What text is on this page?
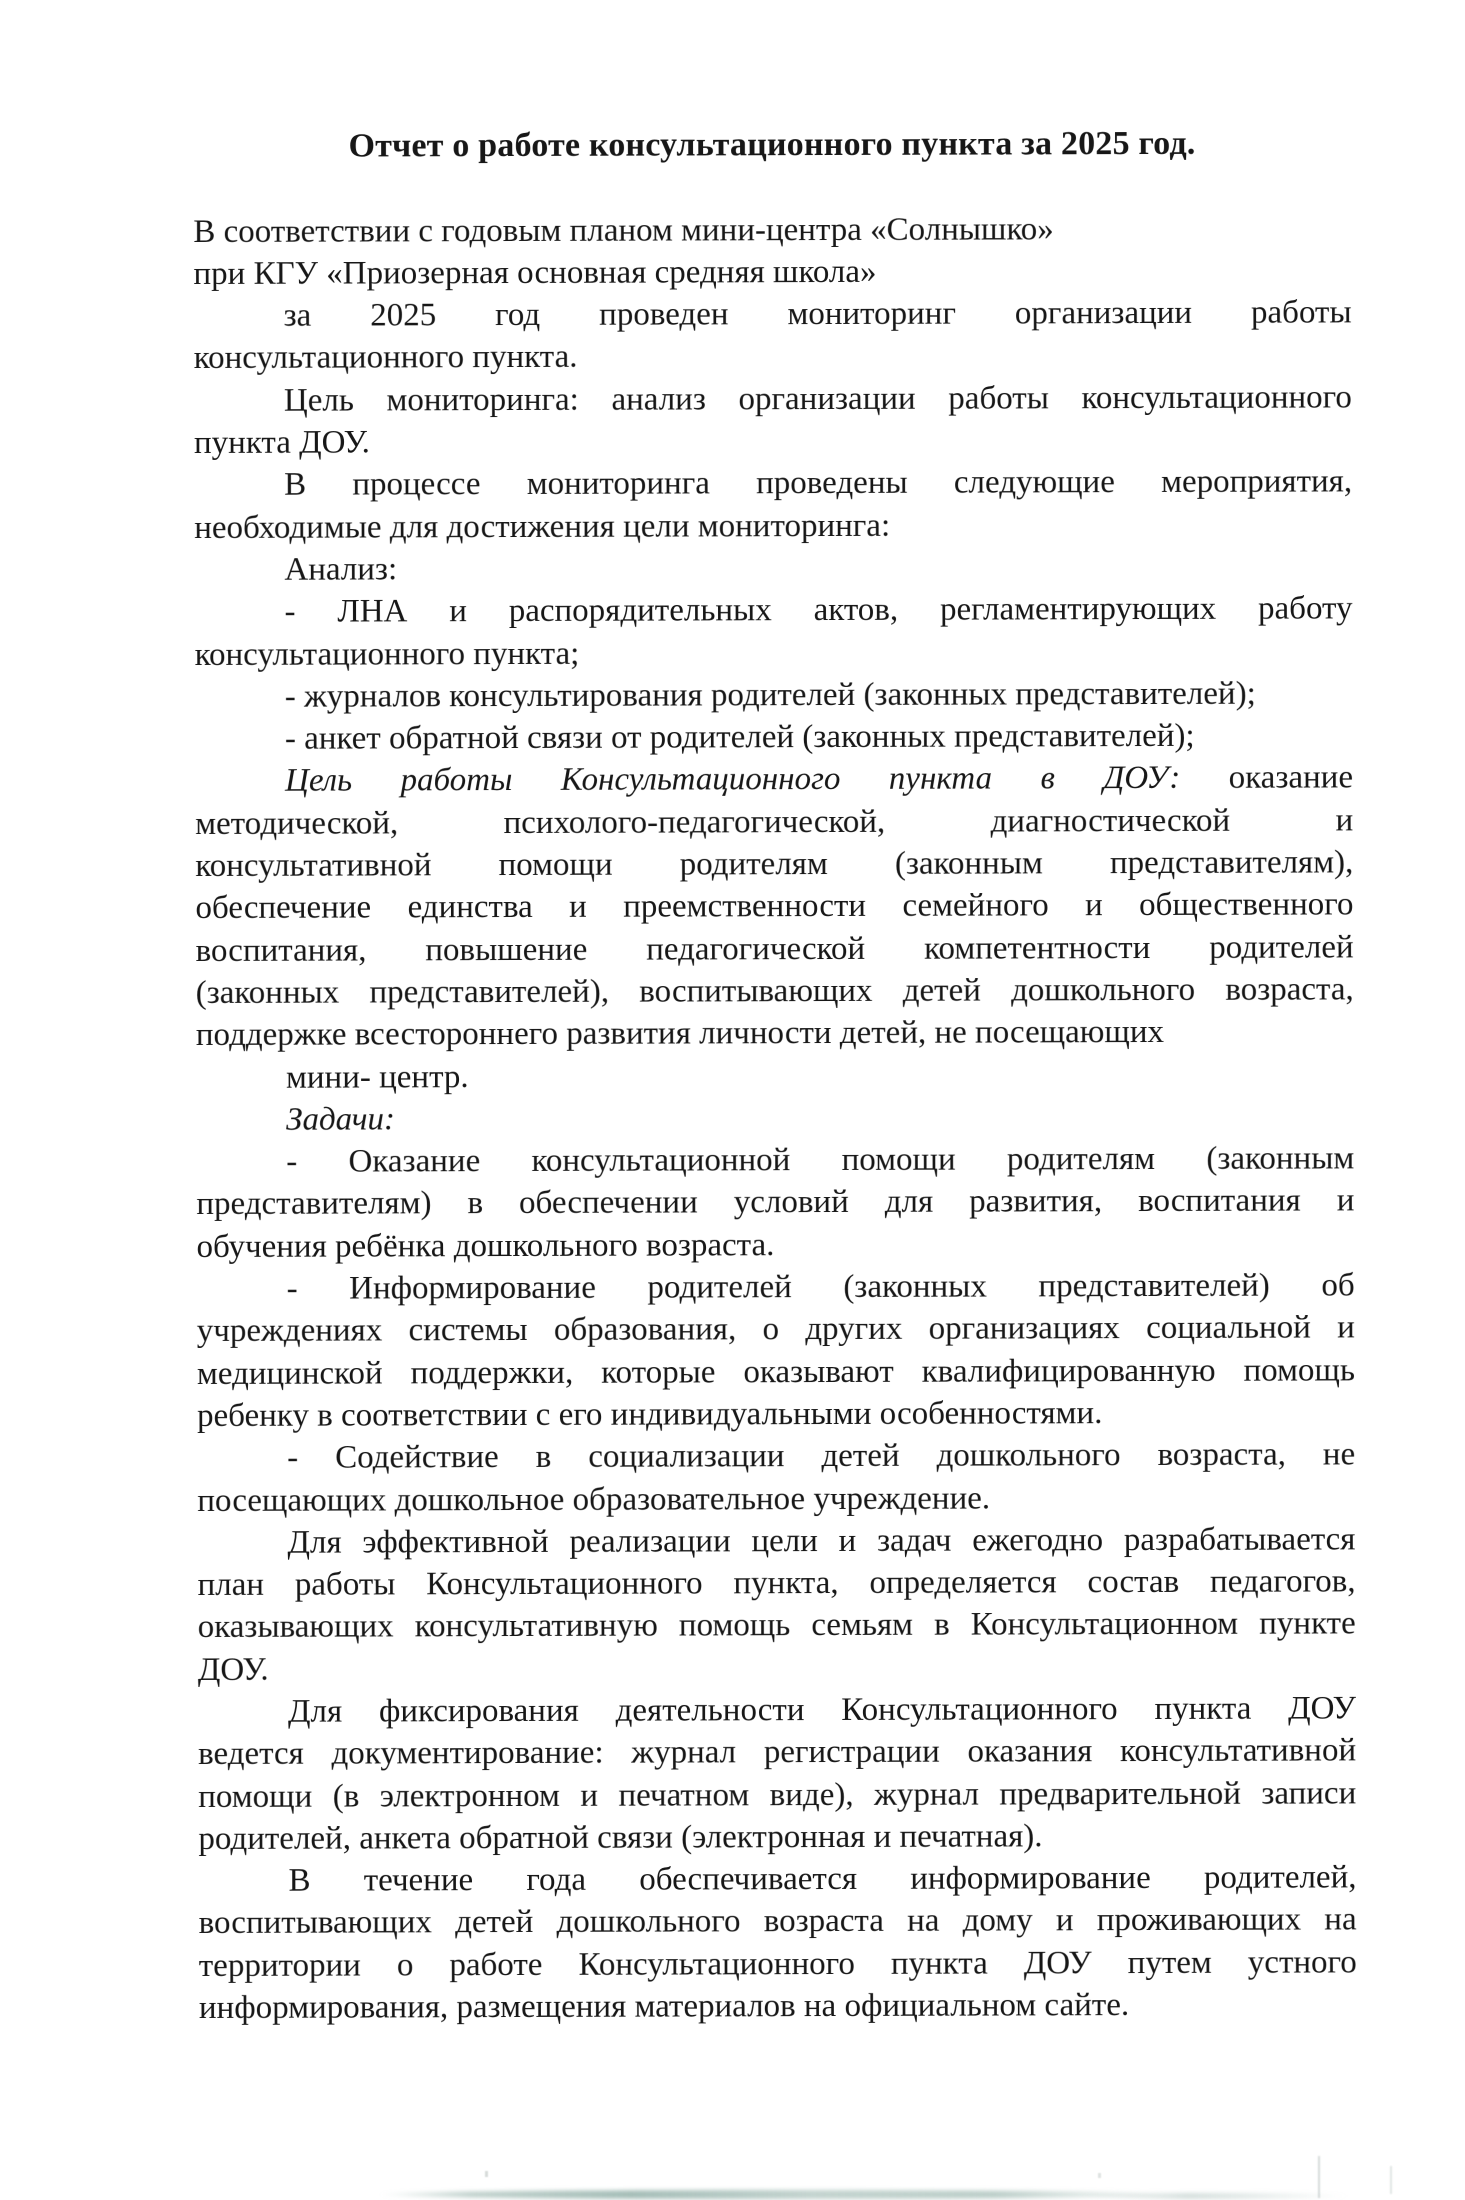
Отчет о работе консультационного пункта за 2025 год.
В соответствии с годовым планом мини-центра «Солнышко»
при КГУ «Приозерная основная средняя школа»
за 2025 год проведен мониторинг организации работы
консультационного пункта.
Цель мониторинга: анализ организации работы консультационного
пункта ДОУ.
В процессе мониторинга проведены следующие мероприятия,
необходимые для достижения цели мониторинга:
Анализ:
- ЛНА и распорядительных актов, регламентирующих работу
консультационного пункта;
- журналов консультирования родителей (законных представителей);
- анкет обратной связи от родителей (законных представителей);
Цель работы Консультационного пункта в ДОУ: оказание
методической, психолого-педагогической, диагностической и
консультативной помощи родителям (законным представителям),
обеспечение единства и преемственности семейного и общественного
воспитания, повышение педагогической компетентности родителей
(законных представителей), воспитывающих детей дошкольного возраста,
поддержке всестороннего развития личности детей, не посещающих
мини- центр.
Задачи:
- Оказание консультационной помощи родителям (законным
представителям) в обеспечении условий для развития, воспитания и
обучения ребёнка дошкольного возраста.
- Информирование родителей (законных представителей) об
учреждениях системы образования, о других организациях социальной и
медицинской поддержки, которые оказывают квалифицированную помощь
ребенку в соответствии с его индивидуальными особенностями.
- Содействие в социализации детей дошкольного возраста, не
посещающих дошкольное образовательное учреждение.
Для эффективной реализации цели и задач ежегодно разрабатывается
план работы Консультационного пункта, определяется состав педагогов,
оказывающих консультативную помощь семьям в Консультационном пункте
ДОУ.
Для фиксирования деятельности Консультационного пункта ДОУ
ведется документирование: журнал регистрации оказания консультативной
помощи (в электронном и печатном виде), журнал предварительной записи
родителей, анкета обратной связи (электронная и печатная).
В течение года обеспечивается информирование родителей,
воспитывающих детей дошкольного возраста на дому и проживающих на
территории о работе Консультационного пункта ДОУ путем устного
информирования, размещения материалов на официальном сайте.
